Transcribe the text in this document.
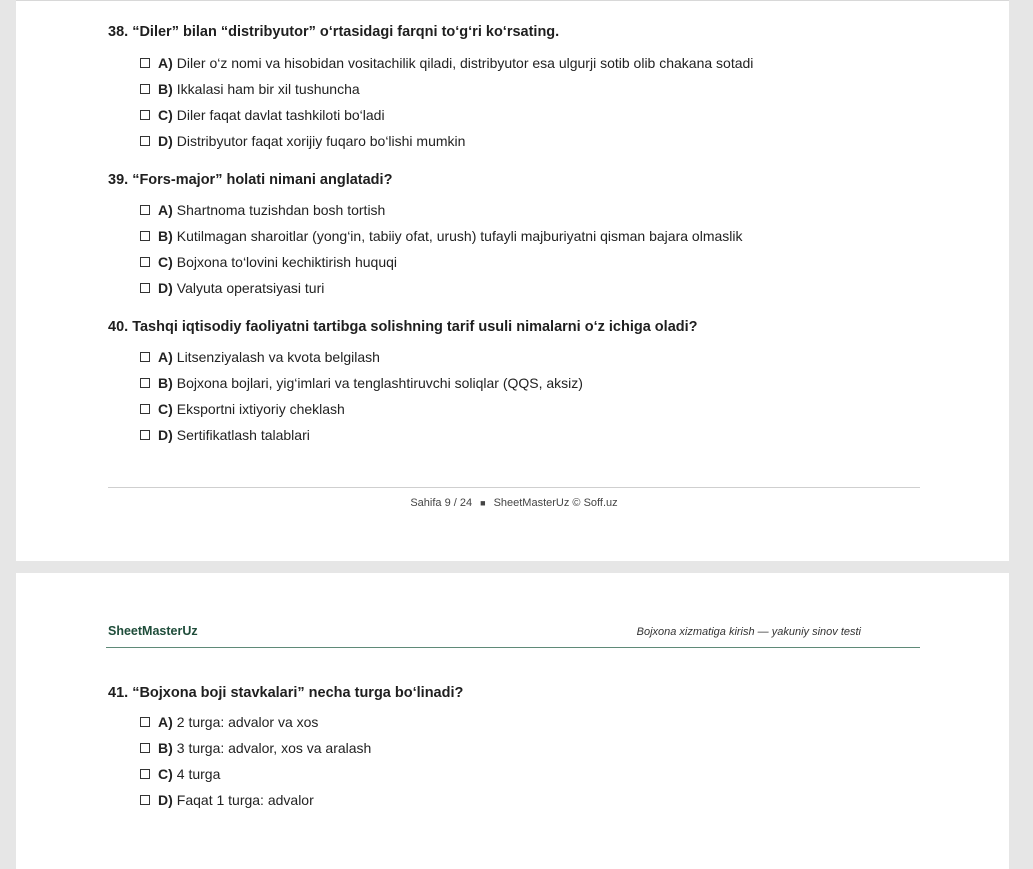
38. “Diler” bilan “distribyutor” o‘rtasidagi farqni to‘g‘ri ko‘rsating.

A) Diler o‘z nomi va hisobidan vositachilik qiladi, distribyutor esa ulgurji sotib olib chakana sotadi
B) Ikkalasi ham bir xil tushuncha
C) Diler faqat davlat tashkiloti bo‘ladi
D) Distribyutor faqat xorijiy fuqaro bo‘lishi mumkin

39. “Fors-major” holati nimani anglatadi?

A) Shartnoma tuzishdan bosh tortish
B) Kutilmagan sharoitlar (yong‘in, tabiiy ofat, urush) tufayli majburiyatni qisman bajara olmaslik
C) Bojxona to‘lovini kechiktirish huquqi
D) Valyuta operatsiyasi turi

40. Tashqi iqtisodiy faoliyatni tartibga solishning tarif usuli nimalarni o‘z ichiga oladi?

A) Litsenziyalash va kvota belgilash
B) Bojxona bojlari, yig‘imlari va tenglashtiruvchi soliqlar (QQS, aksiz)
C) Eksportni ixtiyoriy cheklash
D) Sertifikatlash talablari
Sahifa 9 / 24 ■ SheetMasterUz © Soff.uz
SheetMasterUz	Bojxona xizmatiga kirish — yakuniy sinov testi

41. “Bojxona boji stavkalari” necha turga bo‘linadi?

A) 2 turga: advalor va xos
B) 3 turga: advalor, xos va aralash
C) 4 turga
D) Faqat 1 turga: advalor
